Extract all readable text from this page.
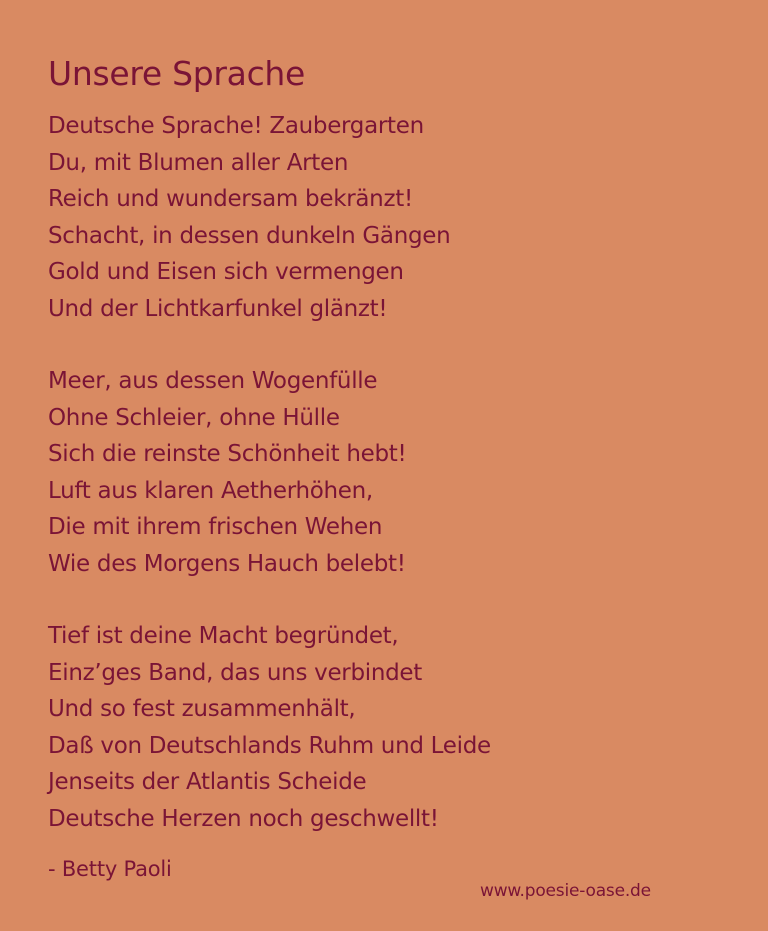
Unsere Sprache
Deutsche Sprache! Zaubergarten
Du, mit Blumen aller Arten
Reich und wundersam bekränzt!
Schacht, in dessen dunkeln Gängen
Gold und Eisen sich vermengen
Und der Lichtkarfunkel glänzt!
Meer, aus dessen Wogenfülle
Ohne Schleier, ohne Hülle
Sich die reinste Schönheit hebt!
Luft aus klaren Aetherhöhen,
Die mit ihrem frischen Wehen
Wie des Morgens Hauch belebt!
Tief ist deine Macht begründet,
Einz’ges Band, das uns verbindet
Und so fest zusammenhält,
Daß von Deutschlands Ruhm und Leide
Jenseits der Atlantis Scheide
Deutsche Herzen noch geschwellt!
- Betty Paoli
www.poesie-oase.de
